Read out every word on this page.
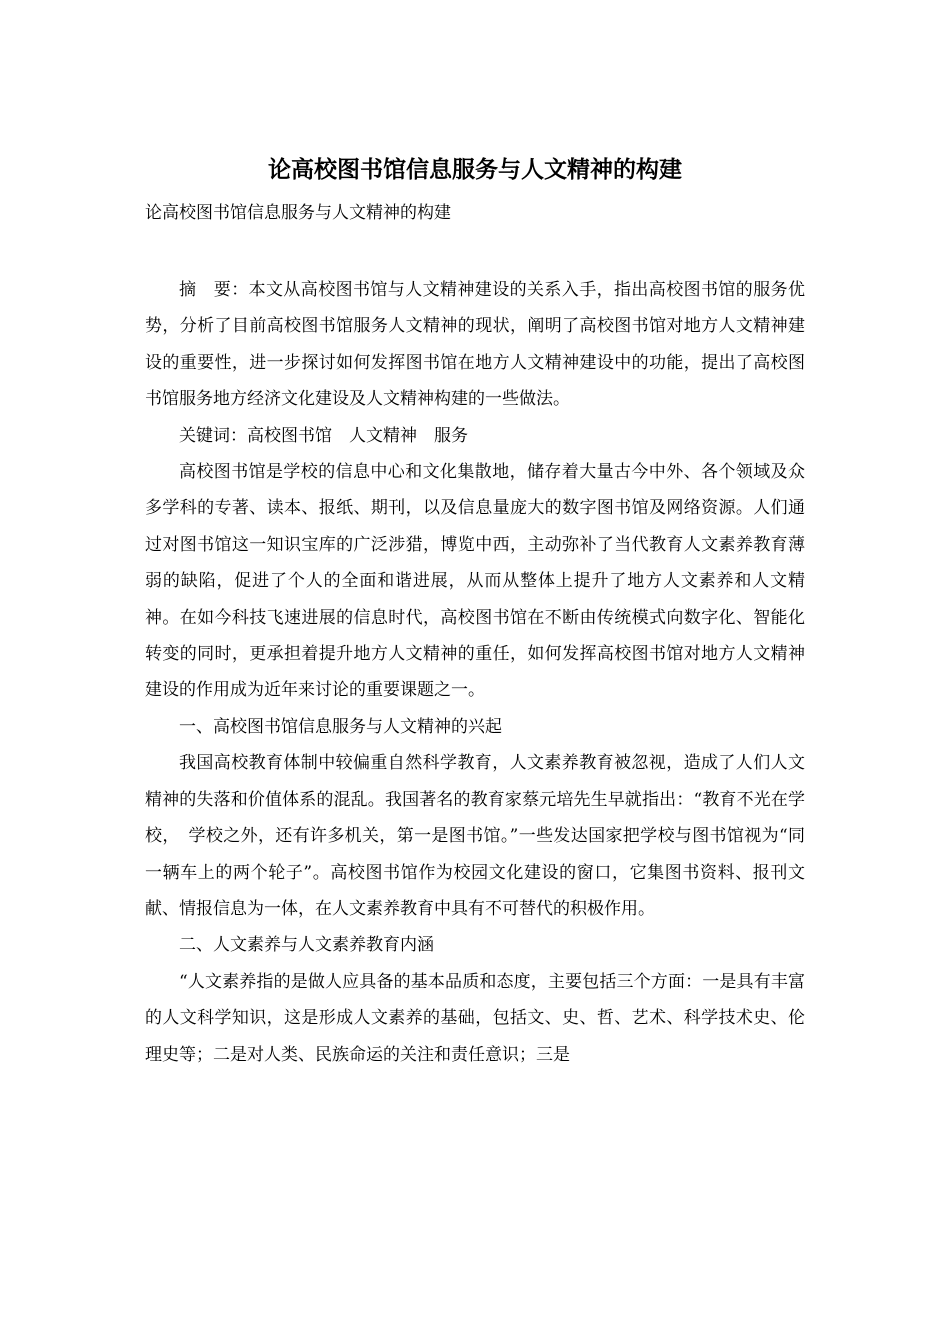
论高校图书馆信息服务与人文精神的构建
论高校图书馆信息服务与人文精神的构建

摘　要：本文从高校图书馆与人文精神建设的关系入手，指出高校图书馆的服务优势，分析了目前高校图书馆服务人文精神的现状，阐明了高校图书馆对地方人文精神建设的重要性，进一步探讨如何发挥图书馆在地方人文精神建设中的功能，提出了高校图书馆服务地方经济文化建设及人文精神构建的一些做法。

关键词：高校图书馆　人文精神　服务

高校图书馆是学校的信息中心和文化集散地，储存着大量古今中外、各个领域及众多学科的专著、读本、报纸、期刊，以及信息量庞大的数字图书馆及网络资源。人们通过对图书馆这一知识宝库的广泛涉猎，博览中西，主动弥补了当代教育人文素养教育薄弱的缺陷，促进了个人的全面和谐进展，从而从整体上提升了地方人文素养和人文精神。在如今科技飞速进展的信息时代，高校图书馆在不断由传统模式向数字化、智能化转变的同时，更承担着提升地方人文精神的重任，如何发挥高校图书馆对地方人文精神建设的作用成为近年来讨论的重要课题之一。

一、高校图书馆信息服务与人文精神的兴起

我国高校教育体制中较偏重自然科学教育，人文素养教育被忽视，造成了人们人文精神的失落和价值体系的混乱。我国著名的教育家蔡元培先生早就指出：“教育不光在学校，　学校之外，还有许多机关，第一是图书馆。”一些发达国家把学校与图书馆视为“同一辆车上的两个轮子”。高校图书馆作为校园文化建设的窗口，它集图书资料、报刊文献、情报信息为一体，在人文素养教育中具有不可替代的积极作用。

二、人文素养与人文素养教育内涵

“人文素养指的是做人应具备的基本品质和态度，主要包括三个方面：一是具有丰富的人文科学知识，这是形成人文素养的基础，包括文、史、哲、艺术、科学技术史、伦理史等；二是对人类、民族命运的关注和责任意识；三是
